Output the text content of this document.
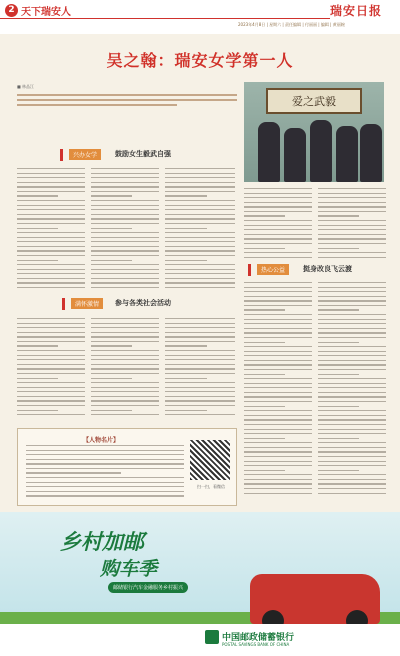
2 天下瑞安人	瑞安日报
2023年4月8日 | 星期六 | 责任编辑 | 付丽丽 | 编辑 | 黄丽婉
吴之翰：瑞安女学第一人
■ 林品江
爱之武毅
兴办女学	鼓励女生毅武自强
满怀激情	参与各类社会活动
热心公益	挺身改良飞云渡
【人物名片】
扫一扫，看微信
乡村加邮
购车季
邮储银行汽车金融服务乡村振兴
中国邮政储蓄银行
POSTAL SAVINGS BANK OF CHINA
